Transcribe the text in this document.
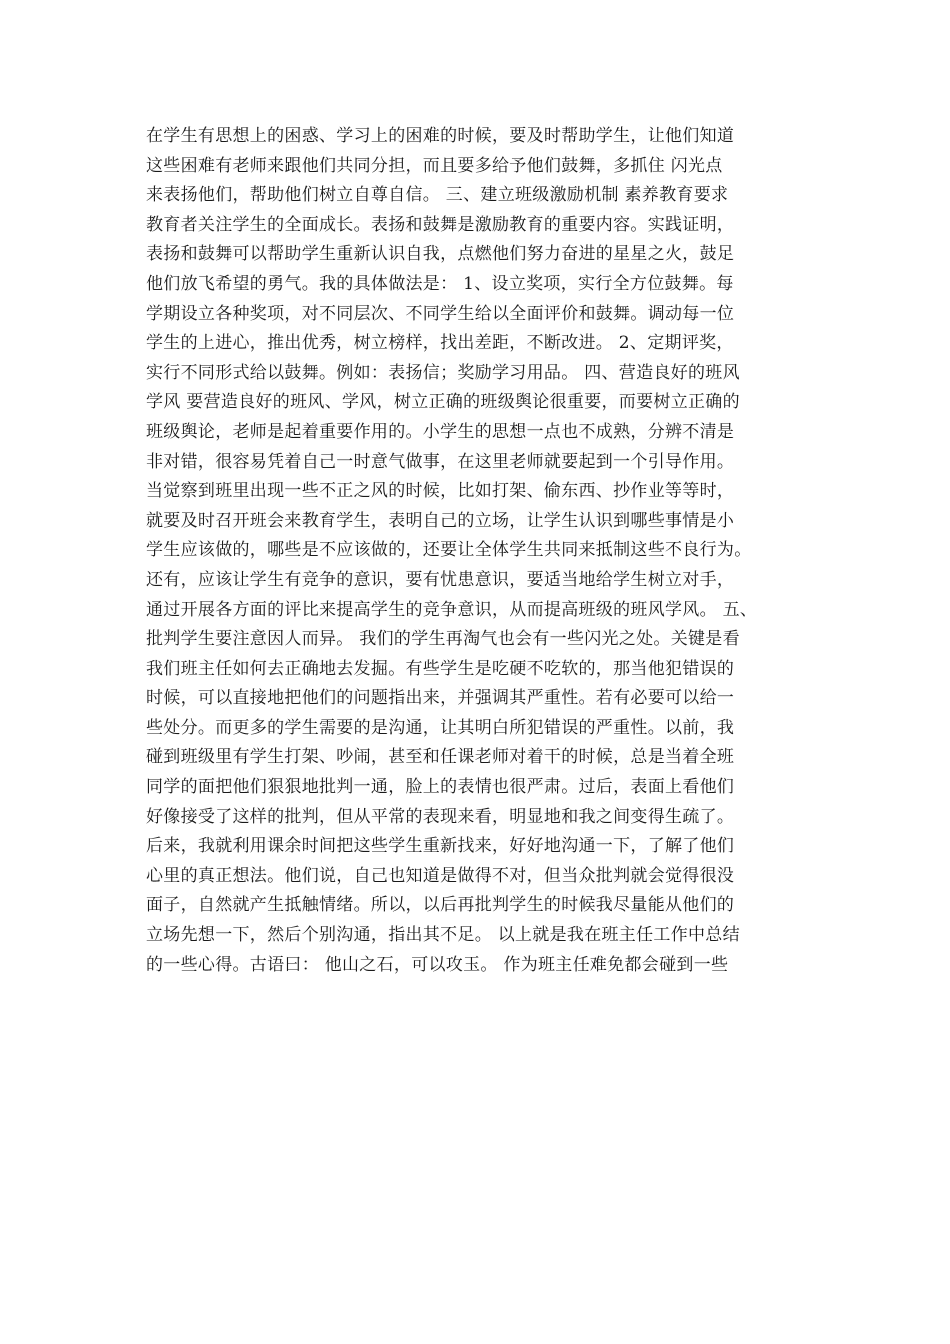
在学生有思想上的困惑、学习上的困难的时候，要及时帮助学生，让他们知道
这些困难有老师来跟他们共同分担，而且要多给予他们鼓舞，多抓住 闪光点
来表扬他们，帮助他们树立自尊自信。 三、建立班级激励机制 素养教育要求
教育者关注学生的全面成长。表扬和鼓舞是激励教育的重要内容。实践证明，
表扬和鼓舞可以帮助学生重新认识自我，点燃他们努力奋进的星星之火，鼓足
他们放飞希望的勇气。我的具体做法是： 1、设立奖项，实行全方位鼓舞。每
学期设立各种奖项，对不同层次、不同学生给以全面评价和鼓舞。调动每一位
学生的上进心，推出优秀，树立榜样，找出差距，不断改进。 2、定期评奖，
实行不同形式给以鼓舞。例如：表扬信；奖励学习用品。 四、营造良好的班风
学风 要营造良好的班风、学风，树立正确的班级舆论很重要，而要树立正确的
班级舆论，老师是起着重要作用的。小学生的思想一点也不成熟，分辨不清是
非对错，很容易凭着自己一时意气做事，在这里老师就要起到一个引导作用。
当觉察到班里出现一些不正之风的时候，比如打架、偷东西、抄作业等等时，
就要及时召开班会来教育学生，表明自己的立场，让学生认识到哪些事情是小
学生应该做的，哪些是不应该做的，还要让全体学生共同来抵制这些不良行为。
还有，应该让学生有竞争的意识，要有忧患意识，要适当地给学生树立对手，
通过开展各方面的评比来提高学生的竞争意识，从而提高班级的班风学风。 五、
批判学生要注意因人而异。 我们的学生再淘气也会有一些闪光之处。关键是看
我们班主任如何去正确地去发掘。有些学生是吃硬不吃软的，那当他犯错误的
时候，可以直接地把他们的问题指出来，并强调其严重性。若有必要可以给一
些处分。而更多的学生需要的是沟通，让其明白所犯错误的严重性。以前，我
碰到班级里有学生打架、吵闹，甚至和任课老师对着干的时候，总是当着全班
同学的面把他们狠狠地批判一通，脸上的表情也很严肃。过后，表面上看他们
好像接受了这样的批判，但从平常的表现来看，明显地和我之间变得生疏了。
后来，我就利用课余时间把这些学生重新找来，好好地沟通一下，了解了他们
心里的真正想法。他们说，自己也知道是做得不对，但当众批判就会觉得很没
面子，自然就产生抵触情绪。所以，以后再批判学生的时候我尽量能从他们的
立场先想一下，然后个别沟通，指出其不足。 以上就是我在班主任工作中总结
的一些心得。古语曰： 他山之石，可以攻玉。 作为班主任难免都会碰到一些
